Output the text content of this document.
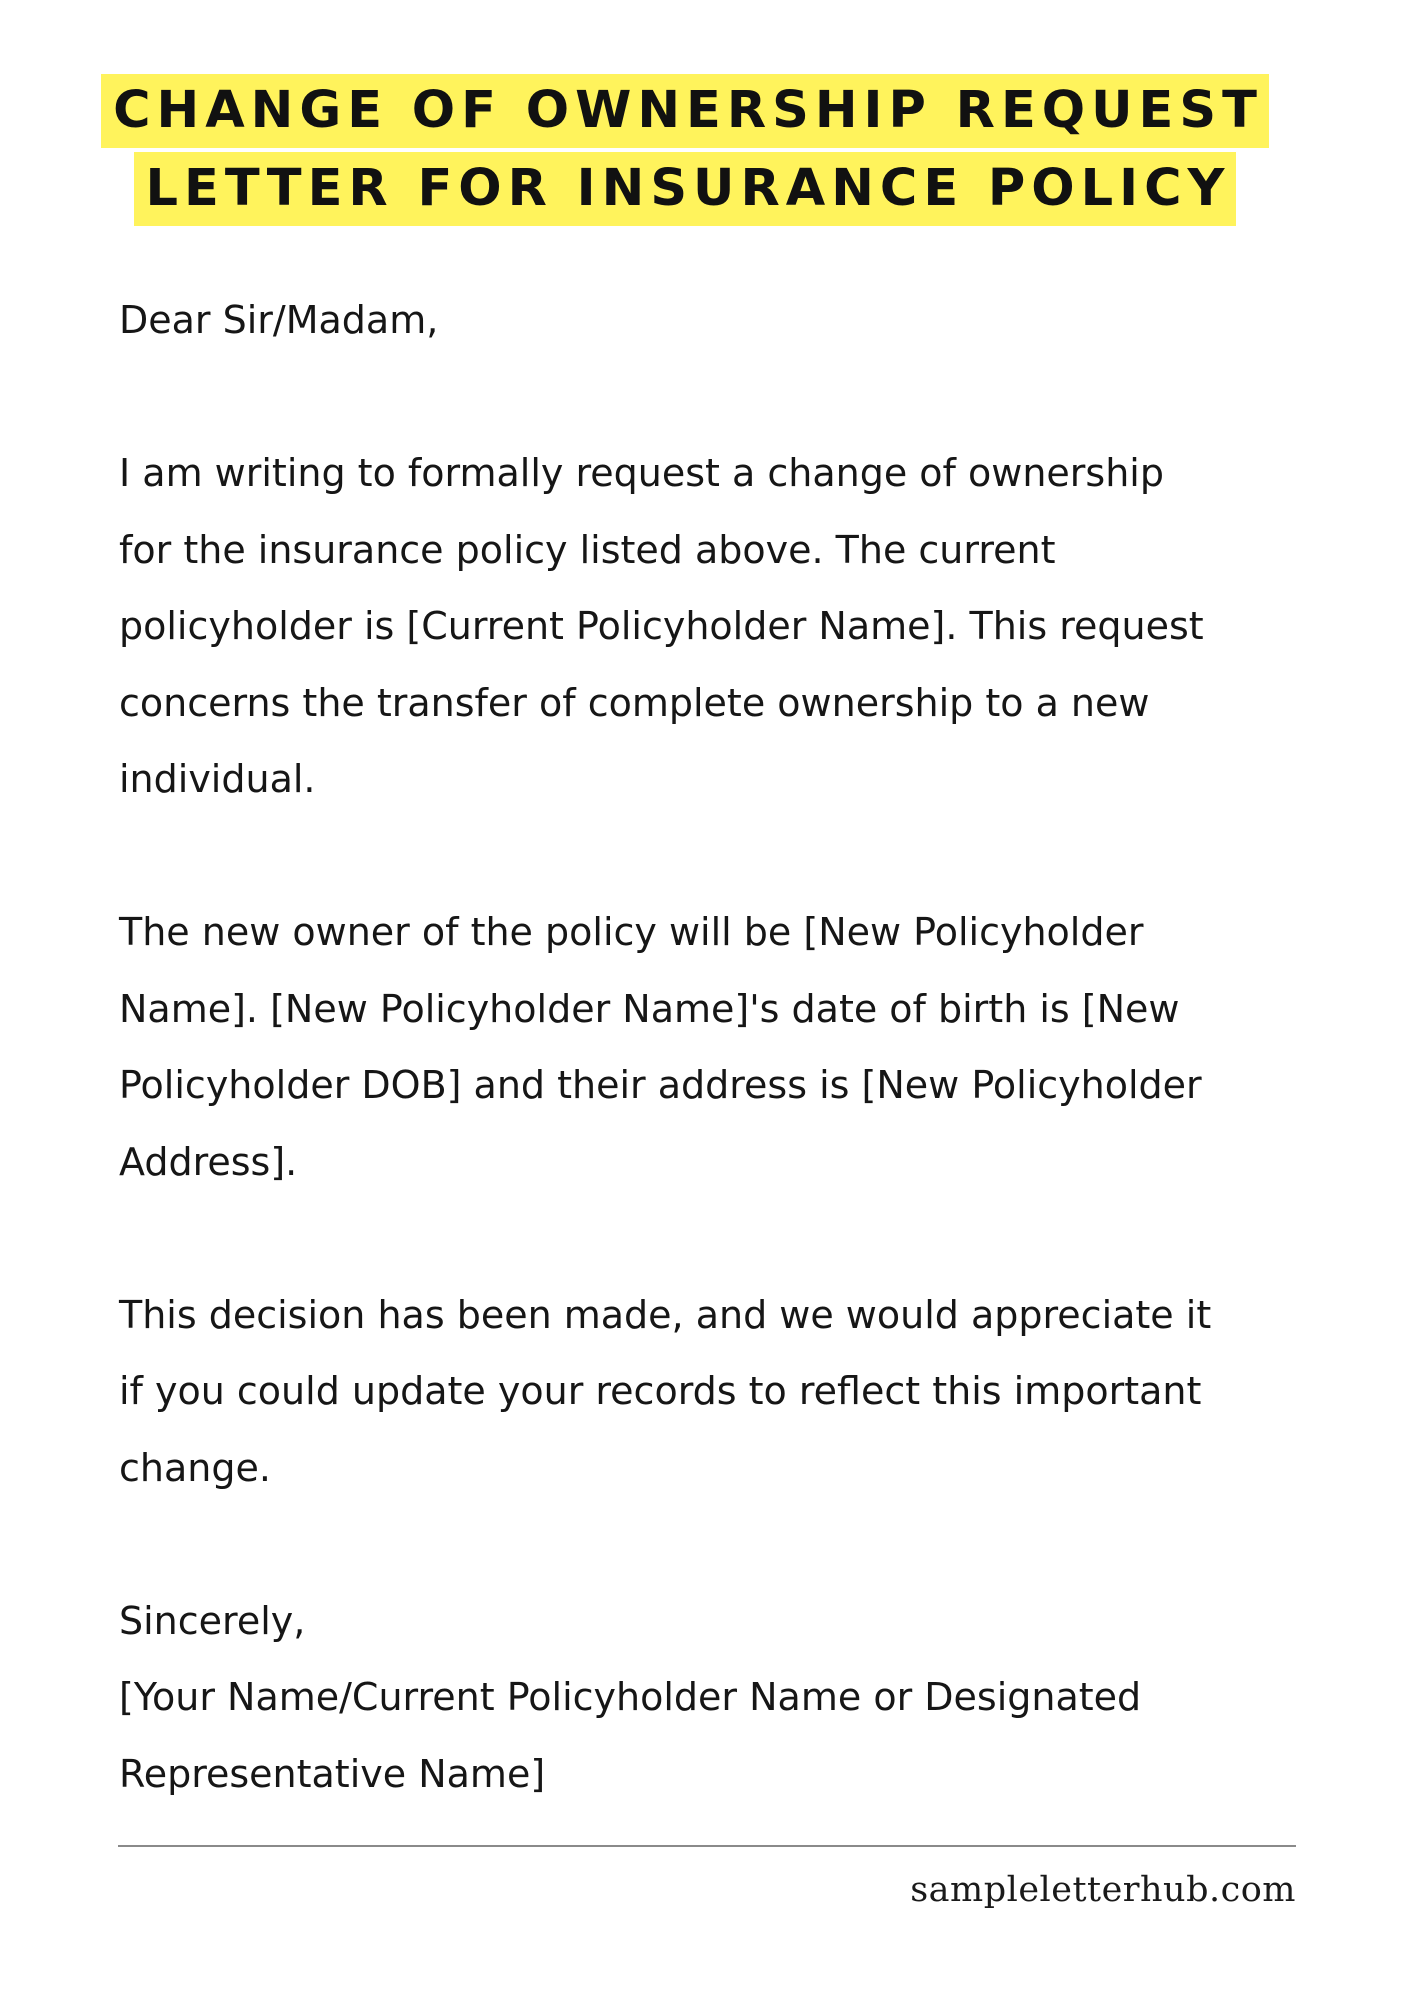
CHANGE OF OWNERSHIP REQUEST
LETTER FOR INSURANCE POLICY

Dear Sir/Madam,

I am writing to formally request a change of ownership
for the insurance policy listed above. The current
policyholder is [Current Policyholder Name]. This request
concerns the transfer of complete ownership to a new
individual.

The new owner of the policy will be [New Policyholder
Name]. [New Policyholder Name]'s date of birth is [New
Policyholder DOB] and their address is [New Policyholder
Address].

This decision has been made, and we would appreciate it
if you could update your records to reflect this important
change.

Sincerely,

[Your Name/Current Policyholder Name or Designated
Representative Name]

sampleletterhub.com
